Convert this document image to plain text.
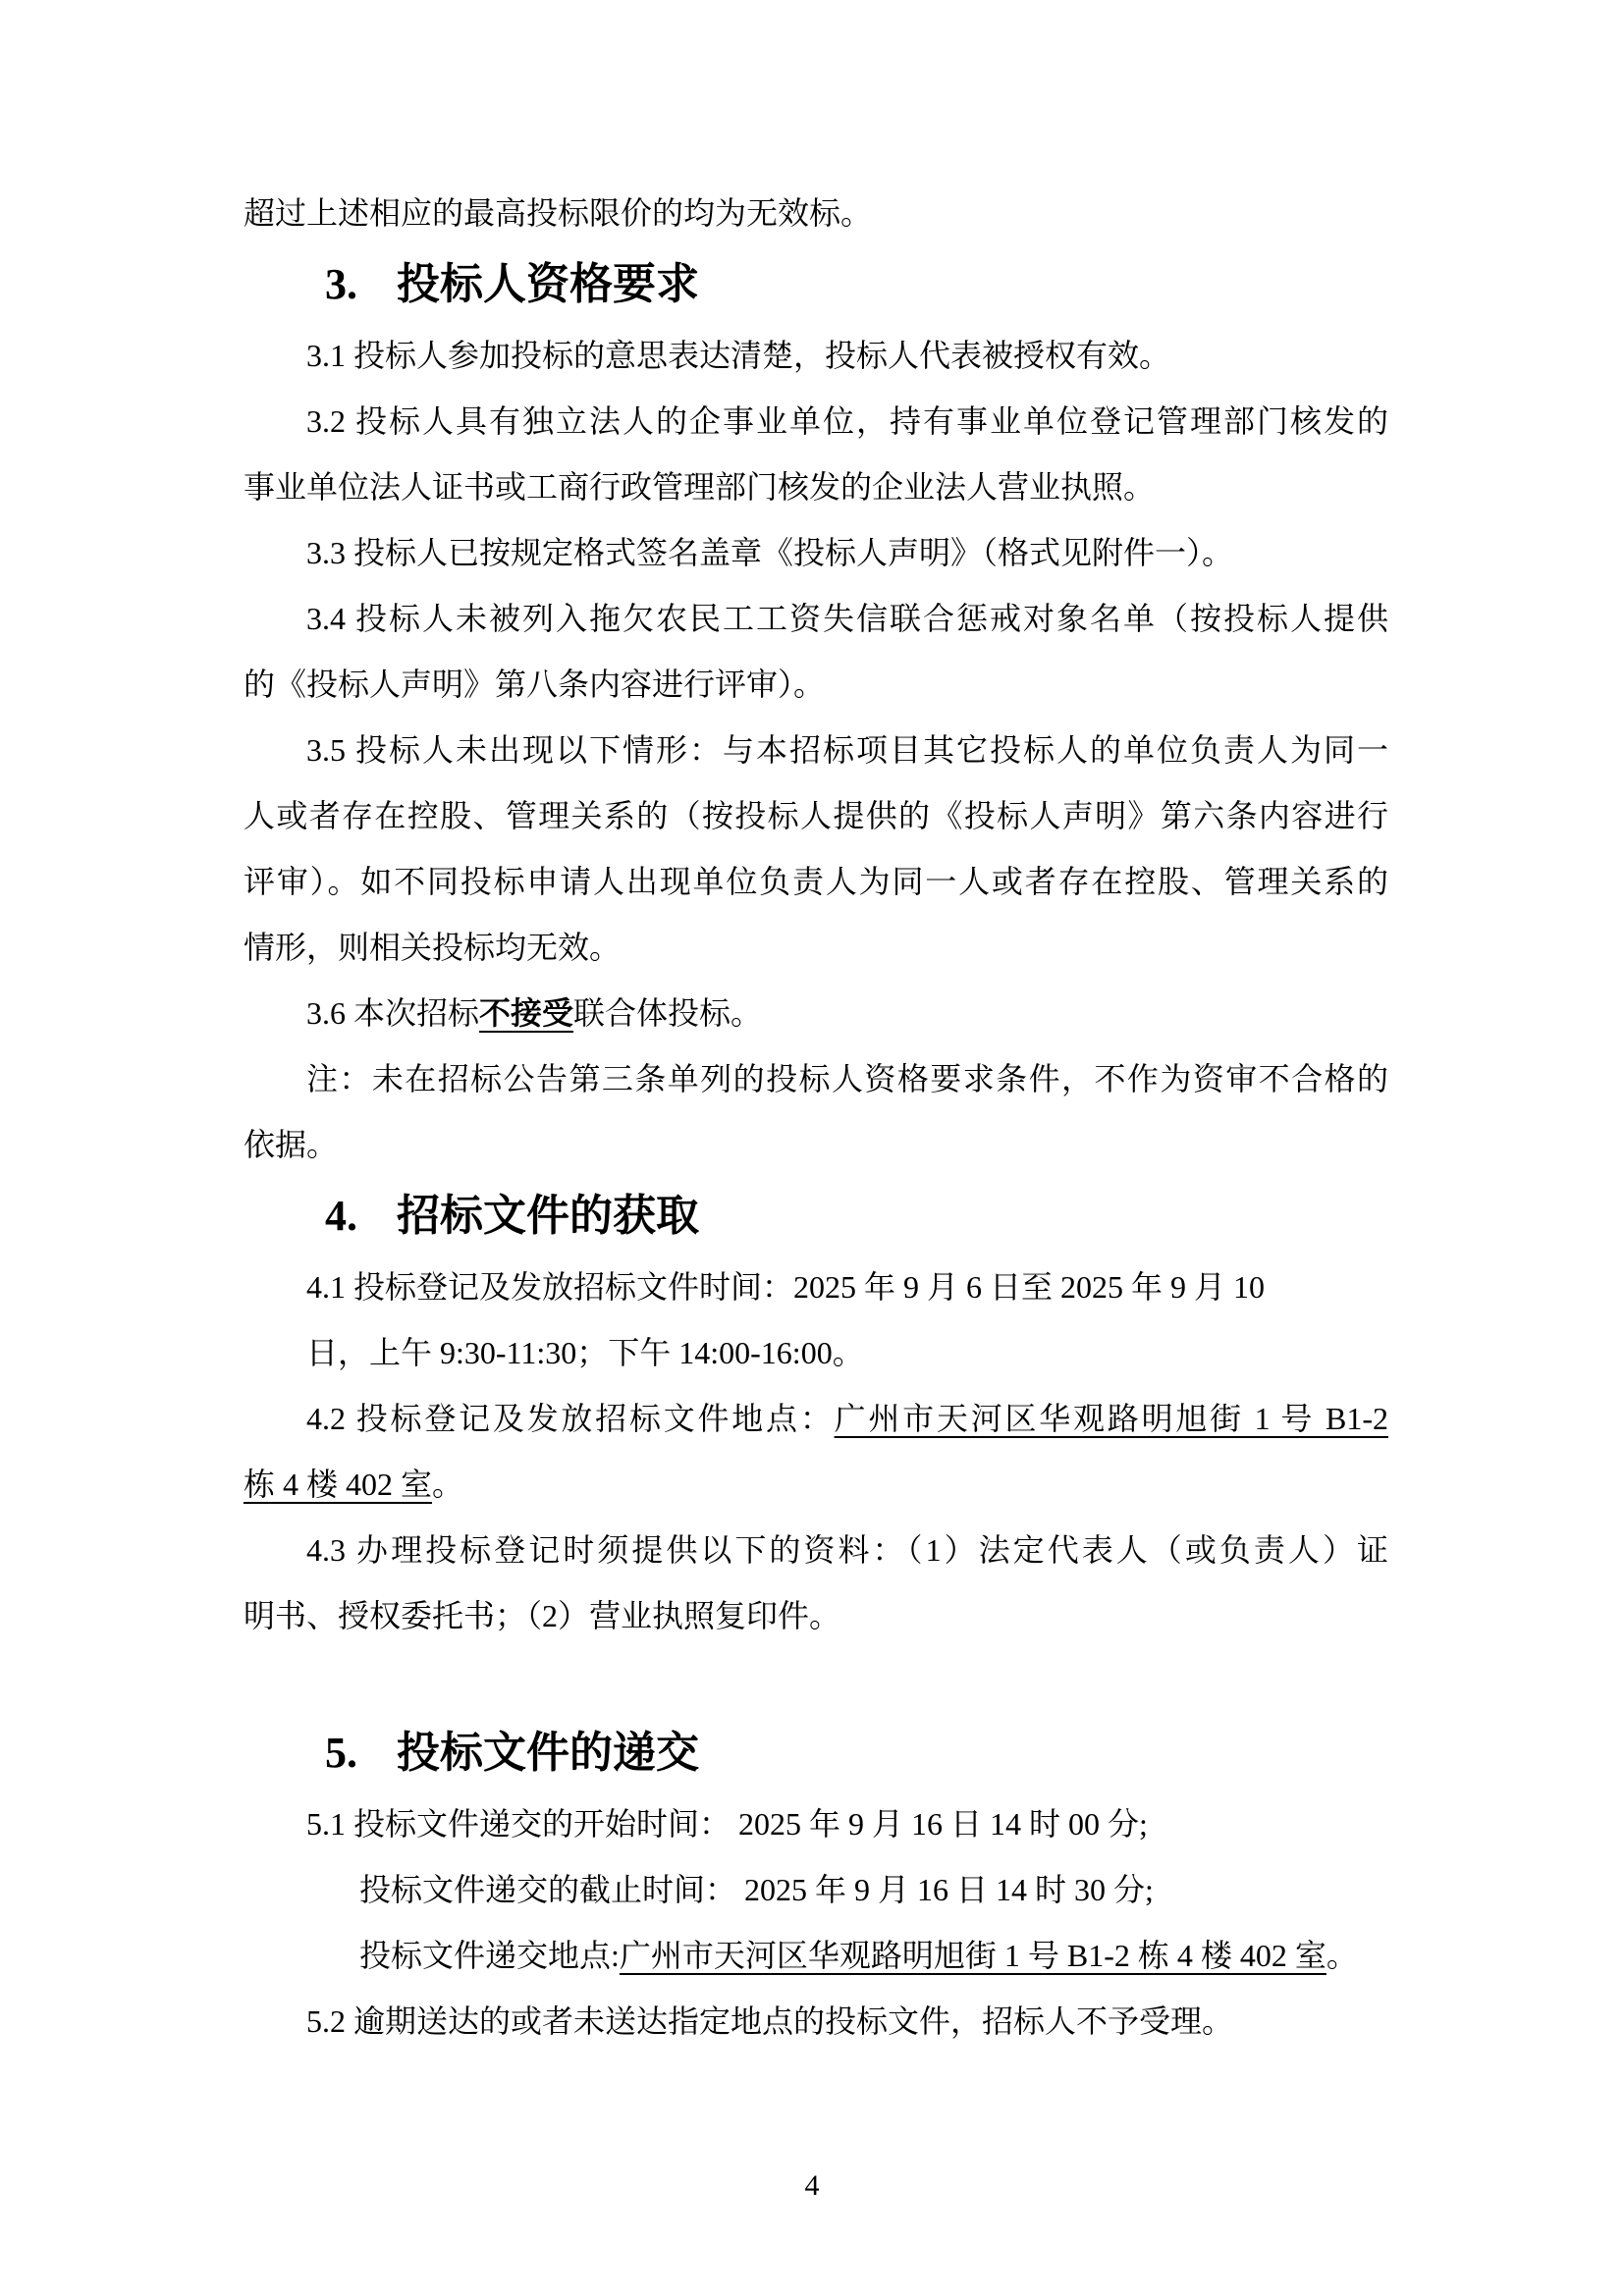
超过上述相应的最高投标限价的均为无效标。

3. 投标人资格要求

3.1 投标人参加投标的意思表达清楚，投标人代表被授权有效。

3.2 投标人具有独立法人的企事业单位，持有事业单位登记管理部门核发的

事业单位法人证书或工商行政管理部门核发的企业法人营业执照。

3.3 投标人已按规定格式签名盖章《投标人声明》（格式见附件一）。

3.4 投标人未被列入拖欠农民工工资失信联合惩戒对象名单（按投标人提供

的《投标人声明》第八条内容进行评审）。

3.5 投标人未出现以下情形：与本招标项目其它投标人的单位负责人为同一

人或者存在控股、管理关系的（按投标人提供的《投标人声明》第六条内容进行

评审）。如不同投标申请人出现单位负责人为同一人或者存在控股、管理关系的

情形，则相关投标均无效。

3.6 本次招标不接受联合体投标。

注：未在招标公告第三条单列的投标人资格要求条件，不作为资审不合格的

依据。

4. 招标文件的获取

4.1 投标登记及发放招标文件时间：2025 年 9 月 6 日至 2025 年 9 月 10

日，上午 9:30-11:30；下午 14:00-16:00。

4.2 投标登记及发放招标文件地点：广州市天河区华观路明旭街 1 号 B1-2

栋 4 楼 402 室。

4.3 办理投标登记时须提供以下的资料：（1）法定代表人（或负责人）证

明书、授权委托书；（2）营业执照复印件。

5. 投标文件的递交

5.1 投标文件递交的开始时间： 2025 年 9 月 16 日 14 时 00 分;

投标文件递交的截止时间： 2025 年 9 月 16 日 14 时 30 分;

投标文件递交地点:广州市天河区华观路明旭街 1 号 B1-2 栋 4 楼 402 室。

5.2 逾期送达的或者未送达指定地点的投标文件，招标人不予受理。

4
